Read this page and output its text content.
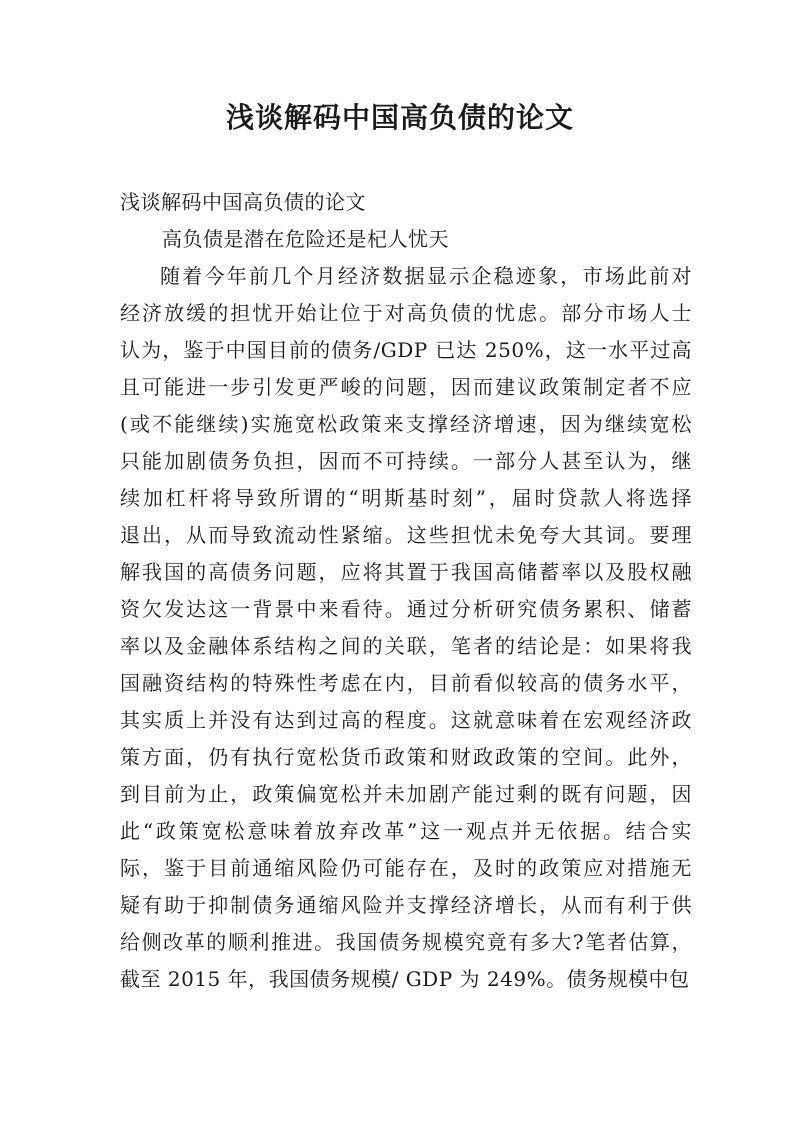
浅谈解码中国高负债的论文
浅谈解码中国高负债的论文
高负债是潜在危险还是杞人忧天
随着今年前几个月经济数据显示企稳迹象，市场此前对
经济放缓的担忧开始让位于对高负债的忧虑。部分市场人士
认为，鉴于中国目前的债务/GDP 已达 250%，这一水平过高
且可能进一步引发更严峻的问题，因而建议政策制定者不应
(或不能继续)实施宽松政策来支撑经济增速，因为继续宽松
只能加剧债务负担，因而不可持续。一部分人甚至认为，继
续加杠杆将导致所谓的“明斯基时刻”，届时贷款人将选择
退出，从而导致流动性紧缩。这些担忧未免夸大其词。要理
解我国的高债务问题，应将其置于我国高储蓄率以及股权融
资欠发达这一背景中来看待。通过分析研究债务累积、储蓄
率以及金融体系结构之间的关联，笔者的结论是：如果将我
国融资结构的特殊性考虑在内，目前看似较高的债务水平，
其实质上并没有达到过高的程度。这就意味着在宏观经济政
策方面，仍有执行宽松货币政策和财政政策的空间。此外，
到目前为止，政策偏宽松并未加剧产能过剩的既有问题，因
此“政策宽松意味着放弃改革”这一观点并无依据。结合实
际，鉴于目前通缩风险仍可能存在，及时的政策应对措施无
疑有助于抑制债务通缩风险并支撑经济增长，从而有利于供
给侧改革的顺利推进。我国债务规模究竟有多大?笔者估算，
截至 2015 年，我国债务规模/ GDP 为 249%。债务规模中包
